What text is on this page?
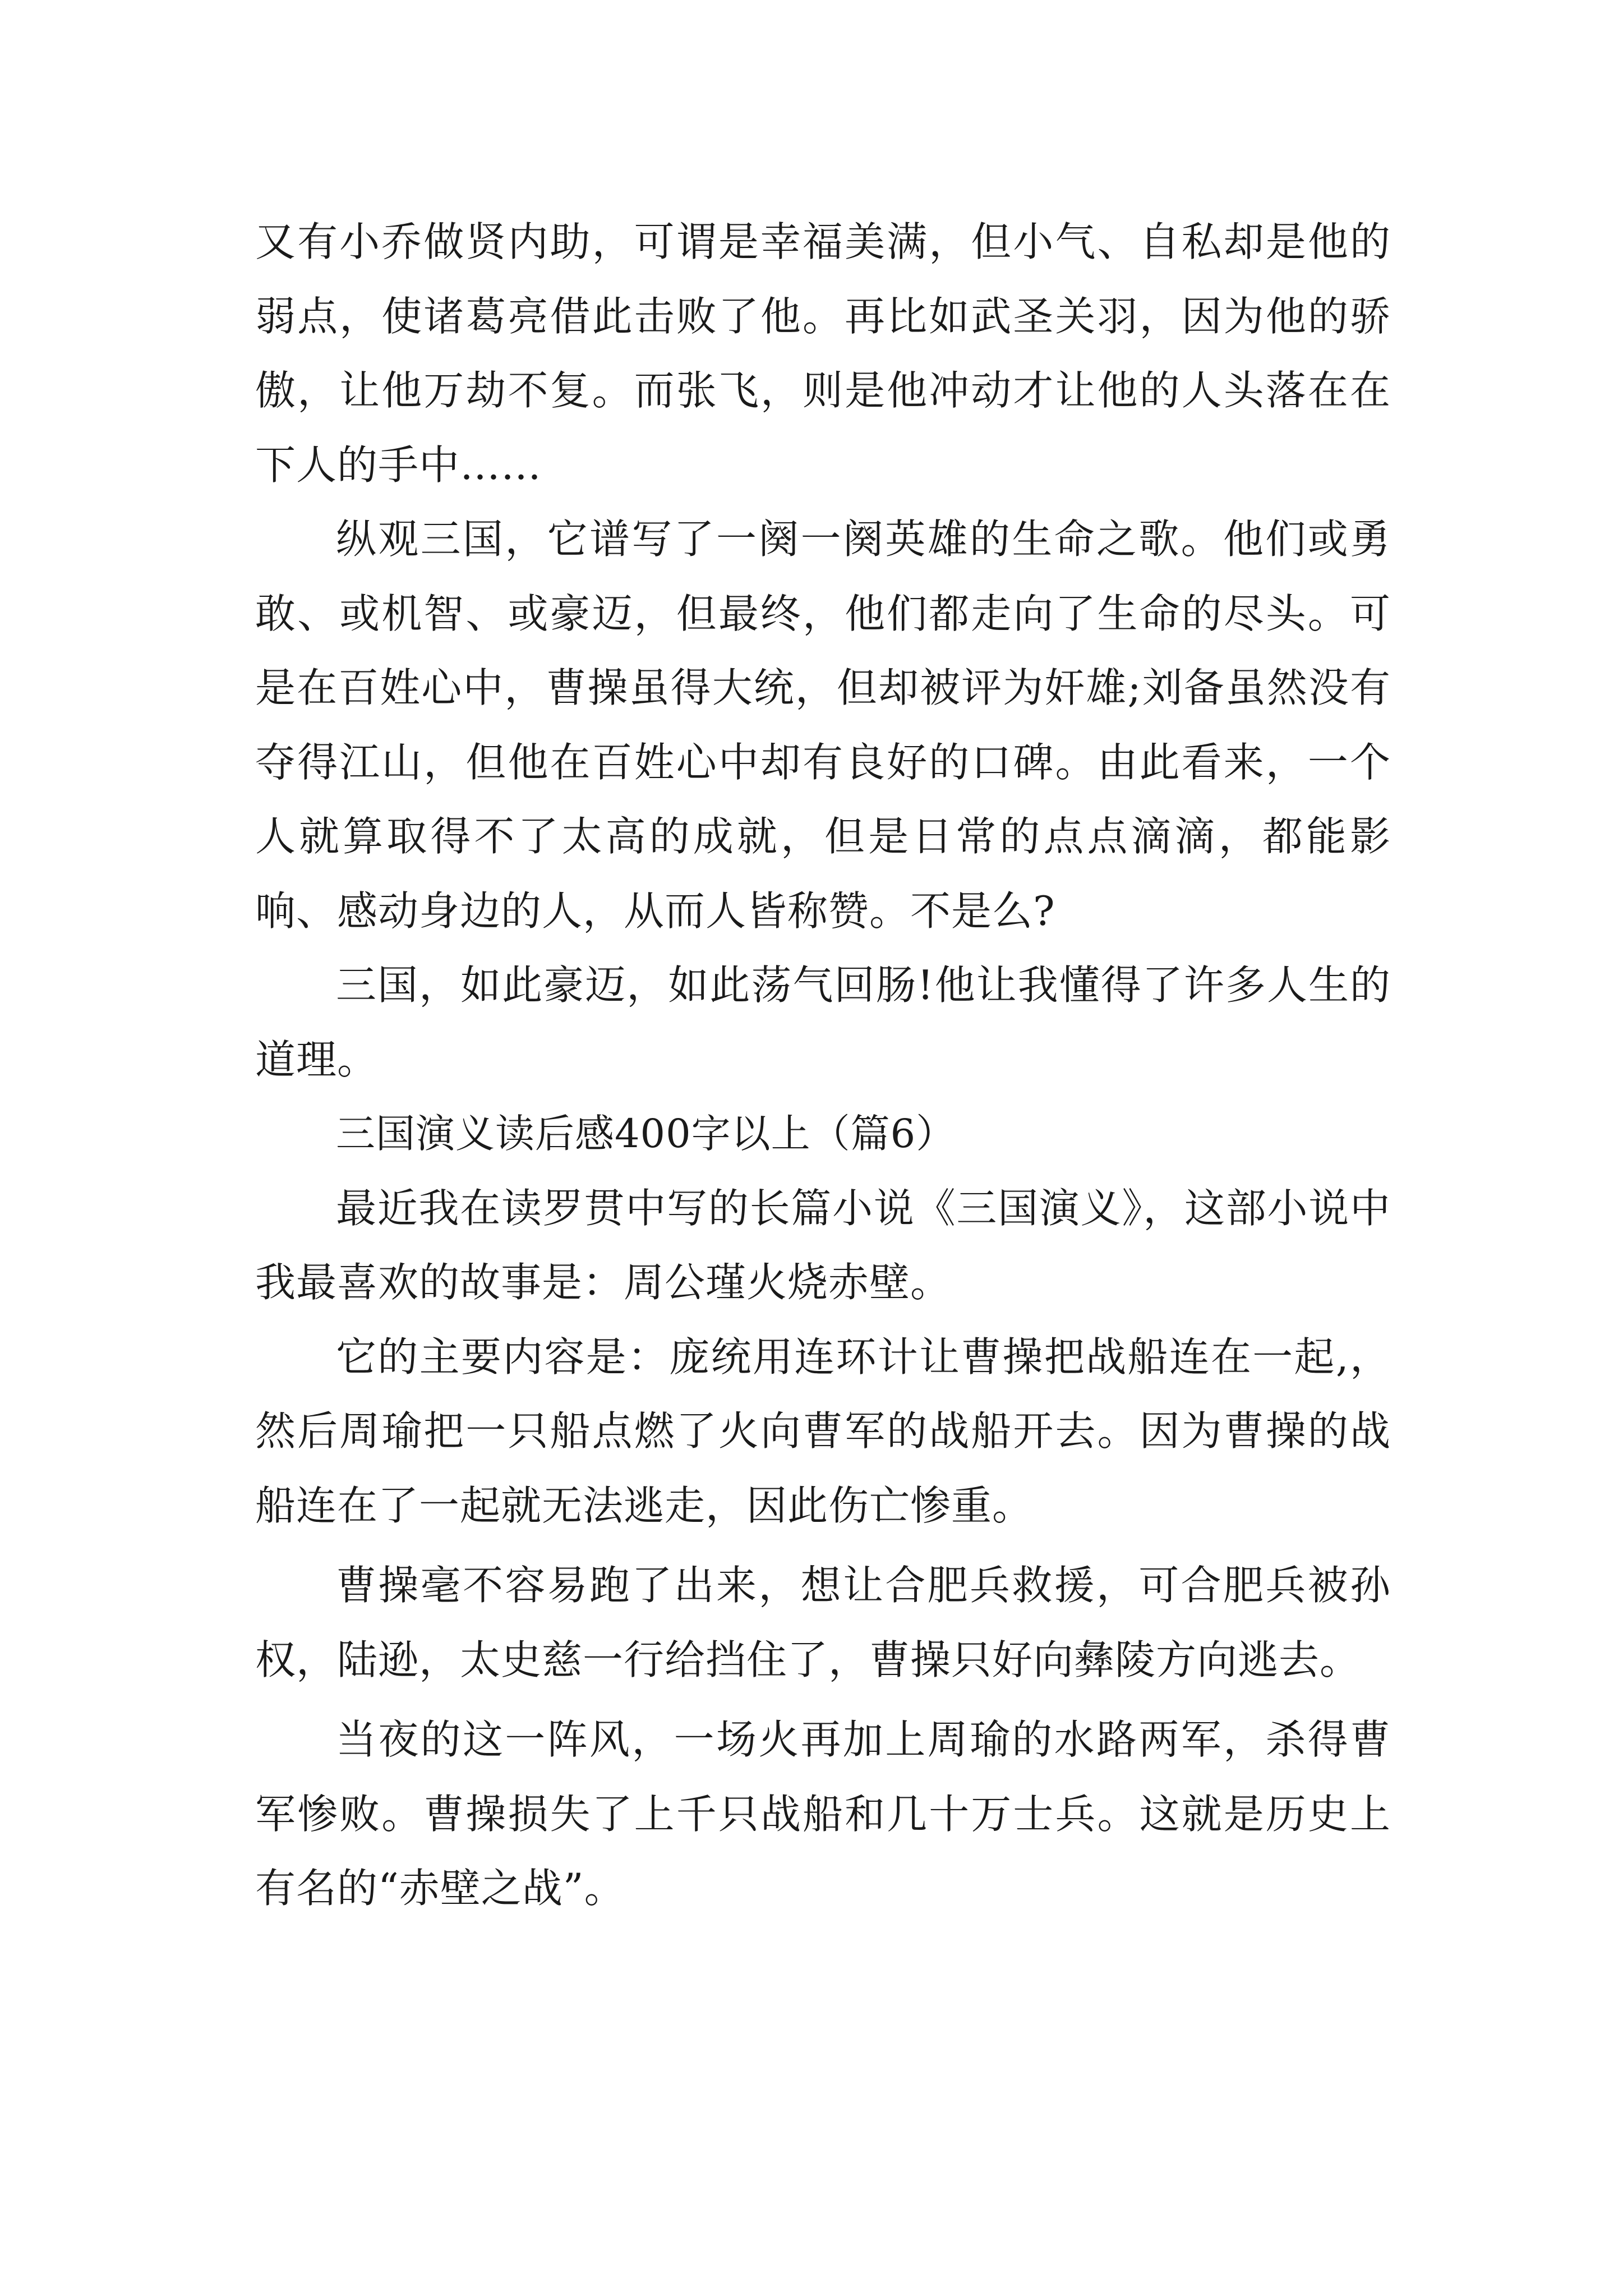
又有小乔做贤内助，可谓是幸福美满，但小气、自私却是他的弱点，使诸葛亮借此击败了他。再比如武圣关羽，因为他的骄傲，让他万劫不复。而张飞，则是他冲动才让他的人头落在在下人的手中……

纵观三国，它谱写了一阕一阕英雄的生命之歌。他们或勇敢、或机智、或豪迈，但最终，他们都走向了生命的尽头。可是在百姓心中，曹操虽得大统，但却被评为奸雄;刘备虽然没有夺得江山，但他在百姓心中却有良好的口碑。由此看来，一个人就算取得不了太高的成就，但是日常的点点滴滴，都能影响、感动身边的人，从而人皆称赞。不是么?

三国，如此豪迈，如此荡气回肠!他让我懂得了许多人生的道理。

三国演义读后感400字以上（篇6）

最近我在读罗贯中写的长篇小说《三国演义》，这部小说中我最喜欢的故事是：周公瑾火烧赤壁。

它的主要内容是：庞统用连环计让曹操把战船连在一起,，然后周瑜把一只船点燃了火向曹军的战船开去。因为曹操的战船连在了一起就无法逃走，因此伤亡惨重。

曹操毫不容易跑了出来，想让合肥兵救援，可合肥兵被孙权，陆逊，太史慈一行给挡住了，曹操只好向彝陵方向逃去。

当夜的这一阵风，一场火再加上周瑜的水路两军，杀得曹军惨败。曹操损失了上千只战船和几十万士兵。这就是历史上有名的“赤壁之战”。
